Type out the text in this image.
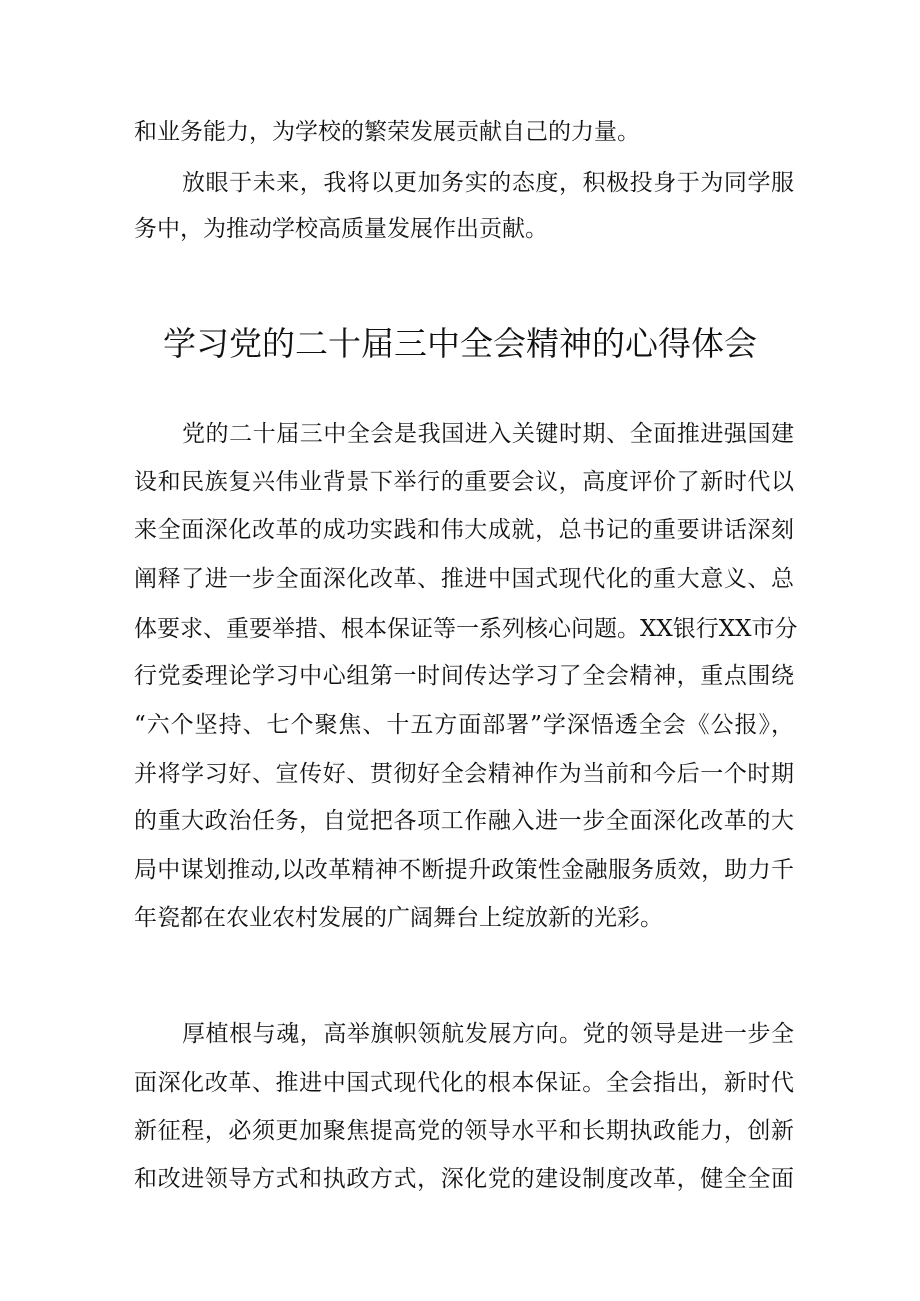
和业务能力，为学校的繁荣发展贡献自己的力量。
放眼于未来，我将以更加务实的态度，积极投身于为同学服
务中，为推动学校高质量发展作出贡献。
学习党的二十届三中全会精神的心得体会
党的二十届三中全会是我国进入关键时期、全面推进强国建
设和民族复兴伟业背景下举行的重要会议，高度评价了新时代以
来全面深化改革的成功实践和伟大成就，总书记的重要讲话深刻
阐释了进一步全面深化改革、推进中国式现代化的重大意义、总
体要求、重要举措、根本保证等一系列核心问题。XX银行XX市分
行党委理论学习中心组第一时间传达学习了全会精神，重点围绕
“六个坚持、七个聚焦、十五方面部署”学深悟透全会《公报》，
并将学习好、宣传好、贯彻好全会精神作为当前和今后一个时期
的重大政治任务，自觉把各项工作融入进一步全面深化改革的大
局中谋划推动,以改革精神不断提升政策性金融服务质效，助力千
年瓷都在农业农村发展的广阔舞台上绽放新的光彩。
厚植根与魂，高举旗帜领航发展方向。党的领导是进一步全
面深化改革、推进中国式现代化的根本保证。全会指出，新时代
新征程，必须更加聚焦提高党的领导水平和长期执政能力，创新
和改进领导方式和执政方式，深化党的建设制度改革，健全全面
